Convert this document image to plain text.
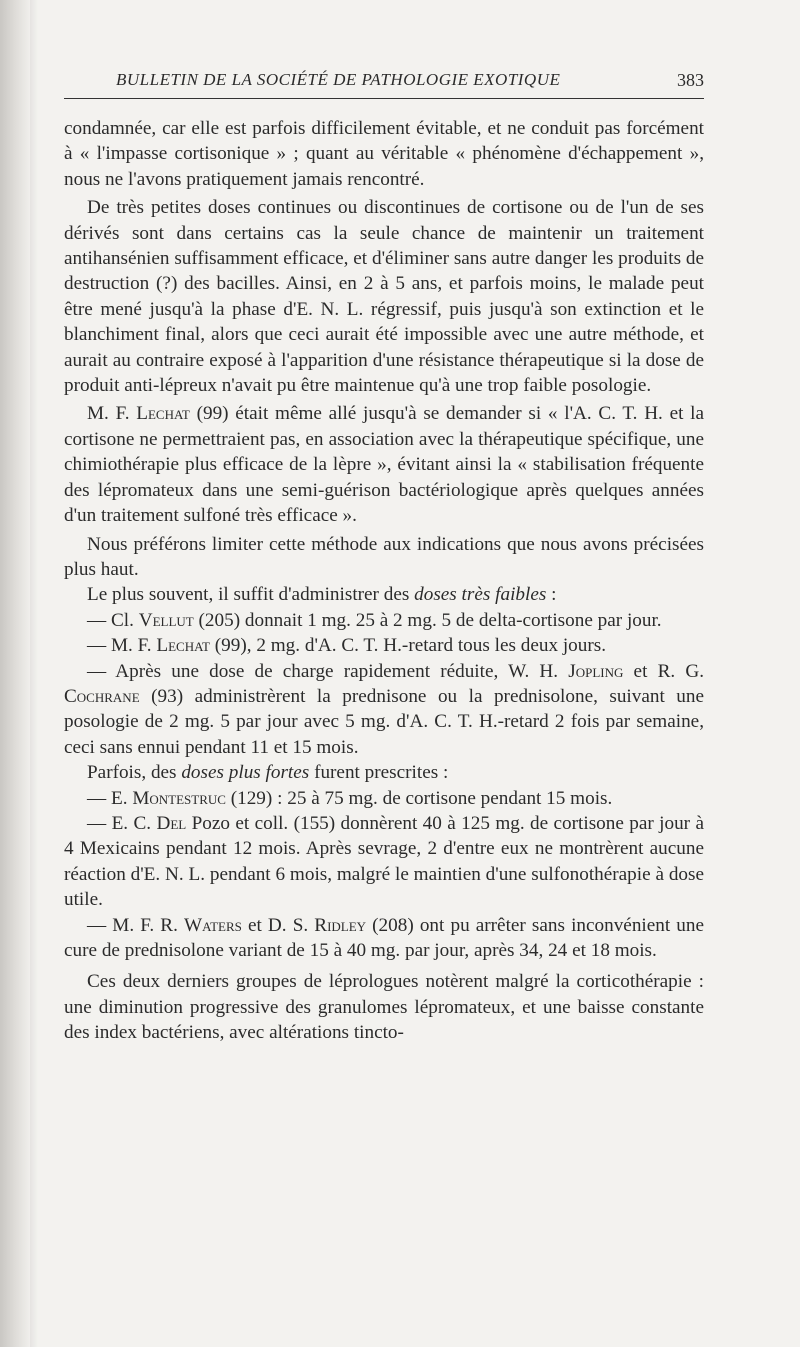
BULLETIN DE LA SOCIÉTÉ DE PATHOLOGIE EXOTIQUE	383

condamnée, car elle est parfois difficilement évitable, et ne conduit pas forcément à « l'impasse cortisonique » ; quant au véritable « phénomène d'échappement », nous ne l'avons pratiquement jamais rencontré.

De très petites doses continues ou discontinues de cortisone ou de l'un de ses dérivés sont dans certains cas la seule chance de maintenir un traitement antihansénien suffisamment efficace, et d'éliminer sans autre danger les produits de destruction (?) des bacilles. Ainsi, en 2 à 5 ans, et parfois moins, le malade peut être mené jusqu'à la phase d'E. N. L. régressif, puis jusqu'à son extinction et le blanchiment final, alors que ceci aurait été impossible avec une autre méthode, et aurait au contraire exposé à l'apparition d'une résistance thérapeutique si la dose de produit anti-lépreux n'avait pu être maintenue qu'à une trop faible posologie.

M. F. Lechat (99) était même allé jusqu'à se demander si « l'A. C. T. H. et la cortisone ne permettraient pas, en association avec la thérapeutique spécifique, une chimiothérapie plus efficace de la lèpre », évitant ainsi la « stabilisation fréquente des lépromateux dans une semi-guérison bactériologique après quelques années d'un traitement sulfoné très efficace ».

Nous préférons limiter cette méthode aux indications que nous avons précisées plus haut.

Le plus souvent, il suffit d'administrer des doses très faibles :

— Cl. Vellut (205) donnait 1 mg. 25 à 2 mg. 5 de delta-cortisone par jour.

— M. F. Lechat (99), 2 mg. d'A. C. T. H.-retard tous les deux jours.

— Après une dose de charge rapidement réduite, W. H. Jopling et R. G. Cochrane (93) administrèrent la prednisone ou la prednisolone, suivant une posologie de 2 mg. 5 par jour avec 5 mg. d'A. C. T. H.-retard 2 fois par semaine, ceci sans ennui pendant 11 et 15 mois.

Parfois, des doses plus fortes furent prescrites :

— E. Montestruc (129) : 25 à 75 mg. de cortisone pendant 15 mois.

— E. C. Del Pozo et coll. (155) donnèrent 40 à 125 mg. de cortisone par jour à 4 Mexicains pendant 12 mois. Après sevrage, 2 d'entre eux ne montrèrent aucune réaction d'E. N. L. pendant 6 mois, malgré le maintien d'une sulfonothérapie à dose utile.

— M. F. R. Waters et D. S. Ridley (208) ont pu arrêter sans inconvénient une cure de prednisolone variant de 15 à 40 mg. par jour, après 34, 24 et 18 mois.

Ces deux derniers groupes de léprologues notèrent malgré la corticothérapie : une diminution progressive des granulomes lépromateux, et une baisse constante des index bactériens, avec altérations tincto-
